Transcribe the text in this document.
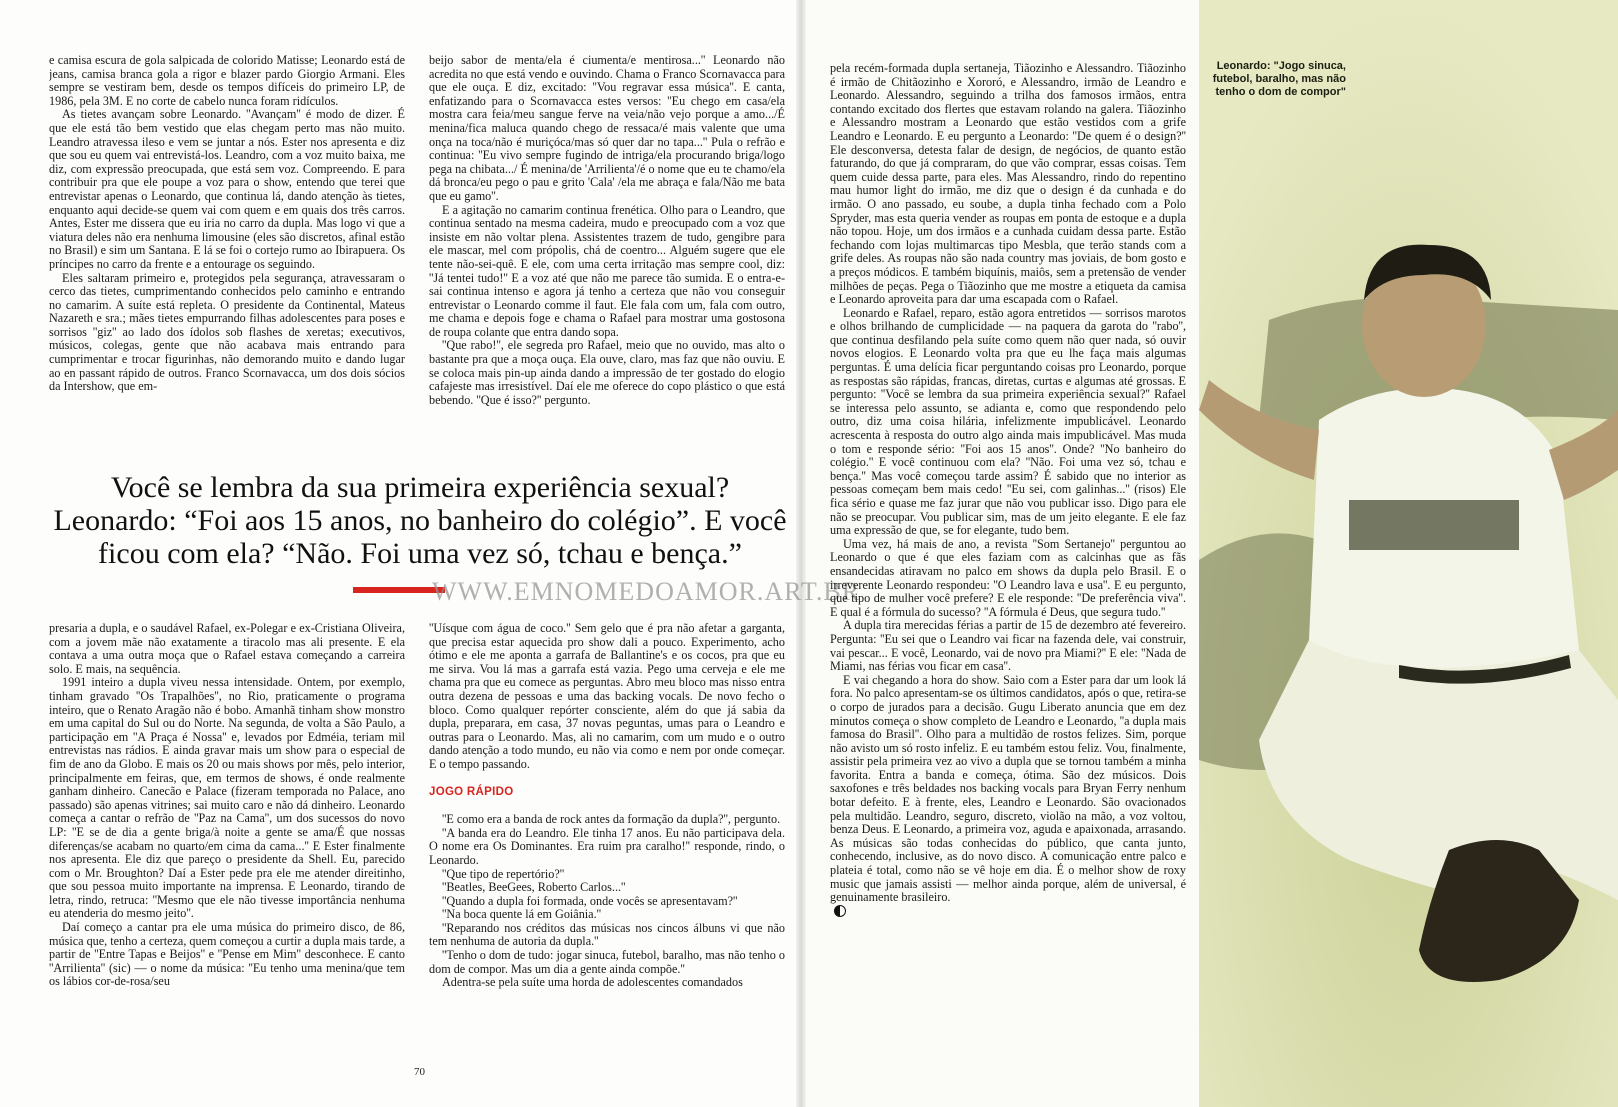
e camisa escura de gola salpicada de colorido Matisse; Leonardo está de jeans, camisa branca gola a rigor e blazer pardo Giorgio Armani. Eles sempre se vestiram bem, desde os tempos difíceis do primeiro LP, de 1986, pela 3M. E no corte de cabelo nunca foram ridículos.

As tietes avançam sobre Leonardo. ''Avançam'' é modo de dizer. É que ele está tão bem vestido que elas chegam perto mas não muito. Leandro atravessa ileso e vem se juntar a nós. Ester nos apresenta e diz que sou eu quem vai entrevistá-los. Leandro, com a voz muito baixa, me diz, com expressão preocupada, que está sem voz. Compreendo. E para contribuir pra que ele poupe a voz para o show, entendo que terei que entrevistar apenas o Leonardo, que continua lá, dando atenção às tietes, enquanto aqui decide-se quem vai com quem e em quais dos três carros. Antes, Ester me dissera que eu iria no carro da dupla. Mas logo vi que a viatura deles não era nenhuma limousine (eles são discretos, afinal estão no Brasil) e sim um Santana. E lá se foi o cortejo rumo ao Ibirapuera. Os príncipes no carro da frente e a entourage os seguindo.

Eles saltaram primeiro e, protegidos pela segurança, atravessaram o cerco das tietes, cumprimentando conhecidos pelo caminho e entrando no camarim. A suíte está repleta. O presidente da Continental, Mateus Nazareth e sra.; mães tietes empurrando filhas adolescentes para poses e sorrisos ''giz'' ao lado dos ídolos sob flashes de xeretas; executivos, músicos, colegas, gente que não acabava mais entrando para cumprimentar e trocar figurinhas, não demorando muito e dando lugar ao en passant rápido de outros. Franco Scornavacca, um dos dois sócios da Intershow, que em-

beijo sabor de menta/ela é ciumenta/e mentirosa...'' Leonardo não acredita no que está vendo e ouvindo. Chama o Franco Scornavacca para que ele ouça. E diz, excitado: ''Vou regravar essa música''. E canta, enfatizando para o Scornavacca estes versos: ''Eu chego em casa/ela mostra cara feia/meu sangue ferve na veia/não vejo porque a amo.../É menina/fica maluca quando chego de ressaca/é mais valente que uma onça na toca/não é muriçóca/mas só quer dar no tapa...'' Pula o refrão e continua: ''Eu vivo sempre fugindo de intriga/ela procurando briga/logo pega na chibata.../ É menina/de 'Arrilienta'/é o nome que eu te chamo/ela dá bronca/eu pego o pau e grito 'Cala' /ela me abraça e fala/Não me bata que eu gamo''.

E a agitação no camarim continua frenética. Olho para o Leandro, que continua sentado na mesma cadeira, mudo e preocupado com a voz que insiste em não voltar plena. Assistentes trazem de tudo, gengibre para ele mascar, mel com própolis, chá de coentro... Alguém sugere que ele tente não-sei-quê. E ele, com uma certa irritação mas sempre cool, diz: ''Já tentei tudo!'' E a voz até que não me parece tão sumida. E o entra-e-sai continua intenso e agora já tenho a certeza que não vou conseguir entrevistar o Leonardo comme il faut. Ele fala com um, fala com outro, me chama e depois foge e chama o Rafael para mostrar uma gostosona de roupa colante que entra dando sopa.

''Que rabo!'', ele segreda pro Rafael, meio que no ouvido, mas alto o bastante pra que a moça ouça. Ela ouve, claro, mas faz que não ouviu. E se coloca mais pin-up ainda dando a impressão de ter gostado do elogio cafajeste mas irresistível. Daí ele me oferece do copo plástico o que está bebendo. ''Que é isso?'' pergunto.

Você se lembra da sua primeira experiência sexual?
Leonardo: “Foi aos 15 anos, no banheiro do colégio”. E você
ficou com ela? “Não. Foi uma vez só, tchau e bença.”
WWW.EMNOMEDOAMOR.ART.BR

presaria a dupla, e o saudável Rafael, ex-Polegar e ex-Cristiana Oliveira, com a jovem mãe não exatamente a tiracolo mas ali presente. E ela contava a uma outra moça que o Rafael estava começando a carreira solo. E mais, na sequência.

1991 inteiro a dupla viveu nessa intensidade. Ontem, por exemplo, tinham gravado ''Os Trapalhões'', no Rio, praticamente o programa inteiro, que o Renato Aragão não é bobo. Amanhã tinham show monstro em uma capital do Sul ou do Norte. Na segunda, de volta a São Paulo, a participação em ''A Praça é Nossa'' e, levados por Edméia, teriam mil entrevistas nas rádios. E ainda gravar mais um show para o especial de fim de ano da Globo. E mais os 20 ou mais shows por mês, pelo interior, principalmente em feiras, que, em termos de shows, é onde realmente ganham dinheiro. Canecão e Palace (fizeram temporada no Palace, ano passado) são apenas vitrines; sai muito caro e não dá dinheiro. Leonardo começa a cantar o refrão de ''Paz na Cama'', um dos sucessos do novo LP: ''E se de dia a gente briga/à noite a gente se ama/É que nossas diferenças/se acabam no quarto/em cima da cama...'' E Ester finalmente nos apresenta. Ele diz que pareço o presidente da Shell. Eu, parecido com o Mr. Broughton? Daí a Ester pede pra ele me atender direitinho, que sou pessoa muito importante na imprensa. E Leonardo, tirando de letra, rindo, retruca: ''Mesmo que ele não tivesse importância nenhuma eu atenderia do mesmo jeito''.

Daí começo a cantar pra ele uma música do primeiro disco, de 86, música que, tenho a certeza, quem começou a curtir a dupla mais tarde, a partir de ''Entre Tapas e Beijos'' e ''Pense em Mim'' desconhece. E canto ''Arrilienta'' (sic) — o nome da música: ''Eu tenho uma menina/que tem os lábios cor-de-rosa/seu

''Uísque com água de coco.'' Sem gelo que é pra não afetar a garganta, que precisa estar aquecida pro show dali a pouco. Experimento, acho ótimo e ele me aponta a garrafa de Ballantine's e os cocos, pra que eu me sirva. Vou lá mas a garrafa está vazia. Pego uma cerveja e ele me chama pra que eu comece as perguntas. Abro meu bloco mas nisso entra outra dezena de pessoas e uma das backing vocals. De novo fecho o bloco. Como qualquer repórter consciente, além do que já sabia da dupla, preparara, em casa, 37 novas peguntas, umas para o Leandro e outras para o Leonardo. Mas, ali no camarim, com um mudo e o outro dando atenção a todo mundo, eu não via como e nem por onde começar. E o tempo passando.

JOGO RÁPIDO

''E como era a banda de rock antes da formação da dupla?'', pergunto.

''A banda era do Leandro. Ele tinha 17 anos. Eu não participava dela. O nome era Os Dominantes. Era ruim pra caralho!'' responde, rindo, o Leonardo.

''Que tipo de repertório?''

''Beatles, BeeGees, Roberto Carlos...''

''Quando a dupla foi formada, onde vocês se apresentavam?''

''Na boca quente lá em Goiânia.''

''Reparando nos créditos das músicas nos cincos álbuns vi que não tem nenhuma de autoria da dupla.''

''Tenho o dom de tudo: jogar sinuca, futebol, baralho, mas não tenho o dom de compor. Mas um dia a gente ainda compõe.''

Adentra-se pela suíte uma horda de adolescentes comandados

70

pela recém-formada dupla sertaneja, Tiãozinho e Alessandro. Tiãozinho é irmão de Chitãozinho e Xororó, e Alessandro, irmão de Leandro e Leonardo. Alessandro, seguindo a trilha dos famosos irmãos, entra contando excitado dos flertes que estavam rolando na galera. Tiãozinho e Alessandro mostram a Leonardo que estão vestidos com a grife Leandro e Leonardo. E eu pergunto a Leonardo: ''De quem é o design?'' Ele desconversa, detesta falar de design, de negócios, de quanto estão faturando, do que já compraram, do que vão comprar, essas coisas. Tem quem cuide dessa parte, para eles. Mas Alessandro, rindo do repentino mau humor light do irmão, me diz que o design é da cunhada e do irmão. O ano passado, eu soube, a dupla tinha fechado com a Polo Spryder, mas esta queria vender as roupas em ponta de estoque e a dupla não topou. Hoje, um dos irmãos e a cunhada cuidam dessa parte. Estão fechando com lojas multimarcas tipo Mesbla, que terão stands com a grife deles. As roupas não são nada country mas joviais, de bom gosto e a preços módicos. E também biquínis, maiôs, sem a pretensão de vender milhões de peças. Pega o Tiãozinho que me mostre a etiqueta da camisa e Leonardo aproveita para dar uma escapada com o Rafael.

Leonardo e Rafael, reparo, estão agora entretidos — sorrisos marotos e olhos brilhando de cumplicidade — na paquera da garota do ''rabo'', que continua desfilando pela suíte como quem não quer nada, só ouvir novos elogios. E Leonardo volta pra que eu lhe faça mais algumas perguntas. É uma delícia ficar perguntando coisas pro Leonardo, porque as respostas são rápidas, francas, diretas, curtas e algumas até grossas. E pergunto: ''Você se lembra da sua primeira experiência sexual?'' Rafael se interessa pelo assunto, se adianta e, como que respondendo pelo outro, diz uma coisa hilária, infelizmente impublicável. Leonardo acrescenta à resposta do outro algo ainda mais impublicável. Mas muda o tom e responde sério: ''Foi aos 15 anos''. Onde? ''No banheiro do colégio.'' E você continuou com ela? ''Não. Foi uma vez só, tchau e bença.'' Mas você começou tarde assim? É sabido que no interior as pessoas começam bem mais cedo! ''Eu sei, com galinhas...'' (risos) Ele fica sério e quase me faz jurar que não vou publicar isso. Digo para ele não se preocupar. Vou publicar sim, mas de um jeito elegante. E ele faz uma expressão de que, se for elegante, tudo bem.

Uma vez, há mais de ano, a revista ''Som Sertanejo'' perguntou ao Leonardo o que é que eles faziam com as calcinhas que as fãs ensandecidas atiravam no palco em shows da dupla pelo Brasil. E o irreverente Leonardo respondeu: ''O Leandro lava e usa''. E eu pergunto, que tipo de mulher você prefere? E ele responde: ''De preferência viva''. E qual é a fórmula do sucesso? ''A fórmula é Deus, que segura tudo.''

A dupla tira merecidas férias a partir de 15 de dezembro até fevereiro. Pergunta: ''Eu sei que o Leandro vai ficar na fazenda dele, vai construir, vai pescar... E você, Leonardo, vai de novo pra Miami?'' E ele: ''Nada de Miami, nas férias vou ficar em casa''.

E vai chegando a hora do show. Saio com a Ester para dar um look lá fora. No palco apresentam-se os últimos candidatos, após o que, retira-se o corpo de jurados para a decisão. Gugu Liberato anuncia que em dez minutos começa o show completo de Leandro e Leonardo, ''a dupla mais famosa do Brasil''. Olho para a multidão de rostos felizes. Sim, porque não avisto um só rosto infeliz. E eu também estou feliz. Vou, finalmente, assistir pela primeira vez ao vivo a dupla que se tornou também a minha favorita. Entra a banda e começa, ótima. São dez músicos. Dois saxofones e três beldades nos backing vocals para Bryan Ferry nenhum botar defeito. E à frente, eles, Leandro e Leonardo. São ovacionados pela multidão. Leandro, seguro, discreto, violão na mão, a voz voltou, benza Deus. E Leonardo, a primeira voz, aguda e apaixonada, arrasando. As músicas são todas conhecidas do público, que canta junto, conhecendo, inclusive, as do novo disco. A comunicação entre palco e plateia é total, como não se vê hoje em dia. É o melhor show de roxy music que jamais assisti — melhor ainda porque, além de universal, é genuinamente brasileiro.

Leonardo: "Jogo sinuca, futebol, baralho, mas não tenho o dom de compor"
